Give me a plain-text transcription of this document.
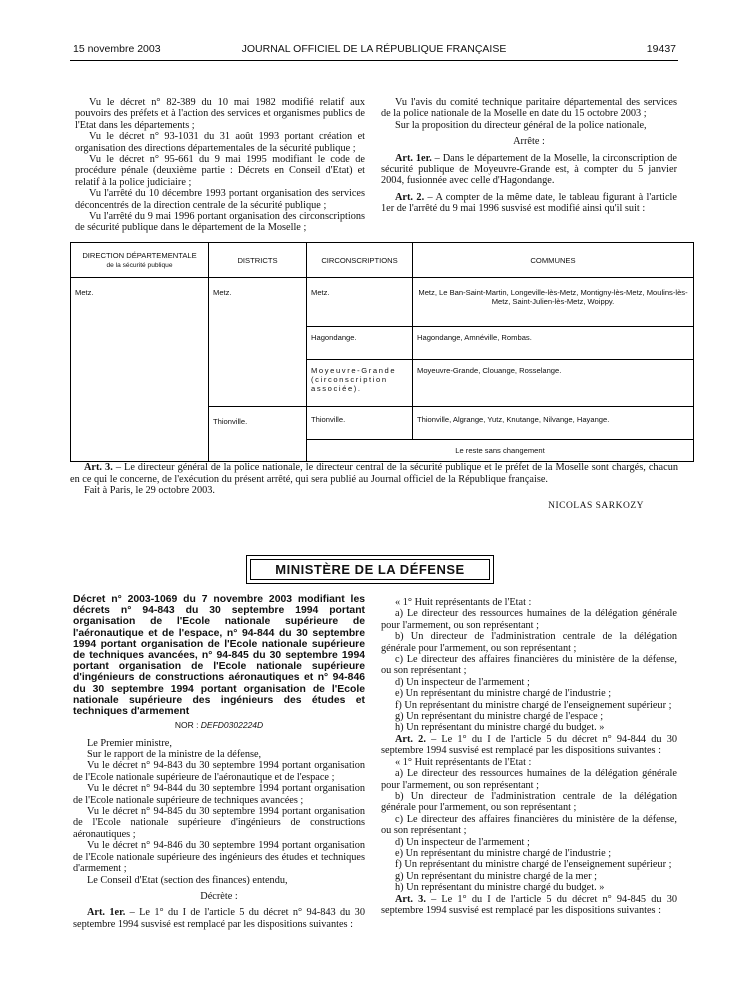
15 novembre 2003	JOURNAL OFFICIEL DE LA RÉPUBLIQUE FRANÇAISE	19437

Vu le décret n° 82-389 du 10 mai 1982 modifié relatif aux pouvoirs des préfets et à l'action des services et organismes publics de l'Etat dans les départements ;

Vu le décret n° 93-1031 du 31 août 1993 portant création et organisation des directions départementales de la sécurité publique ;

Vu le décret n° 95-661 du 9 mai 1995 modifiant le code de procédure pénale (deuxième partie : Décrets en Conseil d'Etat) et relatif à la police judiciaire ;

Vu l'arrêté du 10 décembre 1993 portant organisation des services déconcentrés de la direction centrale de la sécurité publique ;

Vu l'arrêté du 9 mai 1996 portant organisation des circonscriptions de sécurité publique dans le département de la Moselle ;

Vu l'avis du comité technique paritaire départemental des services de la police nationale de la Moselle en date du 15 octobre 2003 ;

Sur la proposition du directeur général de la police nationale,

Arrête :

Art. 1er. – Dans le département de la Moselle, la circonscription de sécurité publique de Moyeuvre-Grande est, à compter du 5 janvier 2004, fusionnée avec celle d'Hagondange.

Art. 2. – A compter de la même date, le tableau figurant à l'article 1er de l'arrêté du 9 mai 1996 susvisé est modifié ainsi qu'il suit :

DIRECTION DÉPARTEMENTALE
de la sécurité publique	DISTRICTS	CIRCONSCRIPTIONS	COMMUNES
Metz.	Metz.	Metz.	Metz, Le Ban-Saint-Martin, Longeville-lès-Metz, Montigny-lès-Metz, Moulins-lès-Metz, Saint-Julien-lès-Metz, Woippy.
		Hagondange.	Hagondange, Amnéville, Rombas.
		Moyeuvre-Grande (circonscription associée).	Moyeuvre-Grande, Clouange, Rosselange.
	Thionville.	Thionville.	Thionville, Algrange, Yutz, Knutange, Nilvange, Hayange.
		Le reste sans changement	

Art. 3. – Le directeur général de la police nationale, le directeur central de la sécurité publique et le préfet de la Moselle sont chargés, chacun en ce qui le concerne, de l'exécution du présent arrêté, qui sera publié au Journal officiel de la République française.

Fait à Paris, le 29 octobre 2003.

NICOLAS SARKOZY
MINISTÈRE DE LA DÉFENSE
Décret n° 2003-1069 du 7 novembre 2003 modifiant les décrets n° 94-843 du 30 septembre 1994 portant organisation de l'Ecole nationale supérieure de l'aéronautique et de l'espace, n° 94-844 du 30 septembre 1994 portant organisation de l'Ecole nationale supérieure de techniques avancées, n° 94-845 du 30 septembre 1994 portant organisation de l'Ecole nationale supérieure d'ingénieurs de constructions aéronautiques et n° 94-846 du 30 septembre 1994 portant organisation de l'Ecole nationale supérieure des ingénieurs des études et techniques d'armement
NOR : DEFD0302224D

Le Premier ministre,

Sur le rapport de la ministre de la défense,

Vu le décret n° 94-843 du 30 septembre 1994 portant organisation de l'Ecole nationale supérieure de l'aéronautique et de l'espace ;

Vu le décret n° 94-844 du 30 septembre 1994 portant organisation de l'Ecole nationale supérieure de techniques avancées ;

Vu le décret n° 94-845 du 30 septembre 1994 portant organisation de l'Ecole nationale supérieure d'ingénieurs de constructions aéronautiques ;

Vu le décret n° 94-846 du 30 septembre 1994 portant organisation de l'Ecole nationale supérieure des ingénieurs des études et techniques d'armement ;

Le Conseil d'Etat (section des finances) entendu,

Décrète :

Art. 1er. – Le 1° du I de l'article 5 du décret n° 94-843 du 30 septembre 1994 susvisé est remplacé par les dispositions suivantes :

« 1° Huit représentants de l'Etat :

a) Le directeur des ressources humaines de la délégation générale pour l'armement, ou son représentant ;

b) Un directeur de l'administration centrale de la délégation générale pour l'armement, ou son représentant ;

c) Le directeur des affaires financières du ministère de la défense, ou son représentant ;

d) Un inspecteur de l'armement ;

e) Un représentant du ministre chargé de l'industrie ;

f) Un représentant du ministre chargé de l'enseignement supérieur ;

g) Un représentant du ministre chargé de l'espace ;

h) Un représentant du ministre chargé du budget. »

Art. 2. – Le 1° du I de l'article 5 du décret n° 94-844 du 30 septembre 1994 susvisé est remplacé par les dispositions suivantes :

« 1° Huit représentants de l'Etat :

a) Le directeur des ressources humaines de la délégation générale pour l'armement, ou son représentant ;

b) Un directeur de l'administration centrale de la délégation générale pour l'armement, ou son représentant ;

c) Le directeur des affaires financières du ministère de la défense, ou son représentant ;

d) Un inspecteur de l'armement ;

e) Un représentant du ministre chargé de l'industrie ;

f) Un représentant du ministre chargé de l'enseignement supérieur ;

g) Un représentant du ministre chargé de la mer ;

h) Un représentant du ministre chargé du budget. »

Art. 3. – Le 1° du I de l'article 5 du décret n° 94-845 du 30 septembre 1994 susvisé est remplacé par les dispositions suivantes :
